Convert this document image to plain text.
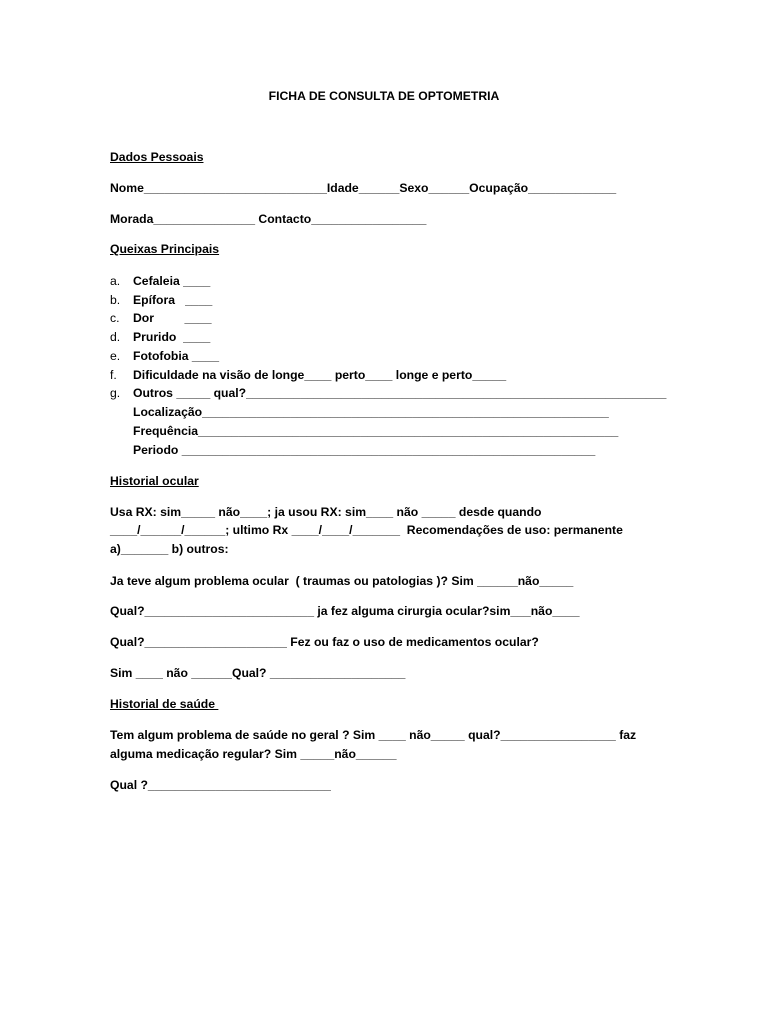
FICHA DE CONSULTA DE OPTOMETRIA
Dados Pessoais
Nome___________________________Idade______Sexo______Ocupação_____________
Morada_______________ Contacto_________________
Queixas Principais
a. Cefaleia ____
b. Epífora   ____
c. Dor         ____
d. Prurido  ____
e. Fotofobia ____
f. Dificuldade na visão de longe____ perto____ longe e perto_____
g. Outros _____ qual?______________________________________________________________
Localização____________________________________________________________
Frequência______________________________________________________________
Periodo _____________________________________________________________
Historial ocular
Usa RX: sim_____ não____; ja usou RX: sim____ não _____ desde quando
____/______/______; ultimo Rx ____/____/_______  Recomendações de uso: permanente
a)_______ b) outros:
Ja teve algum problema ocular  ( traumas ou patologias )? Sim ______não_____
Qual?_________________________ ja fez alguma cirurgia ocular?sim___não____
Qual?_____________________ Fez ou faz o uso de medicamentos ocular?
Sim ____ não ______Qual? ____________________
Historial de saúde
Tem algum problema de saúde no geral ? Sim ____ não_____ qual?_________________ faz
alguma medicação regular? Sim _____não______
Qual ?___________________________
